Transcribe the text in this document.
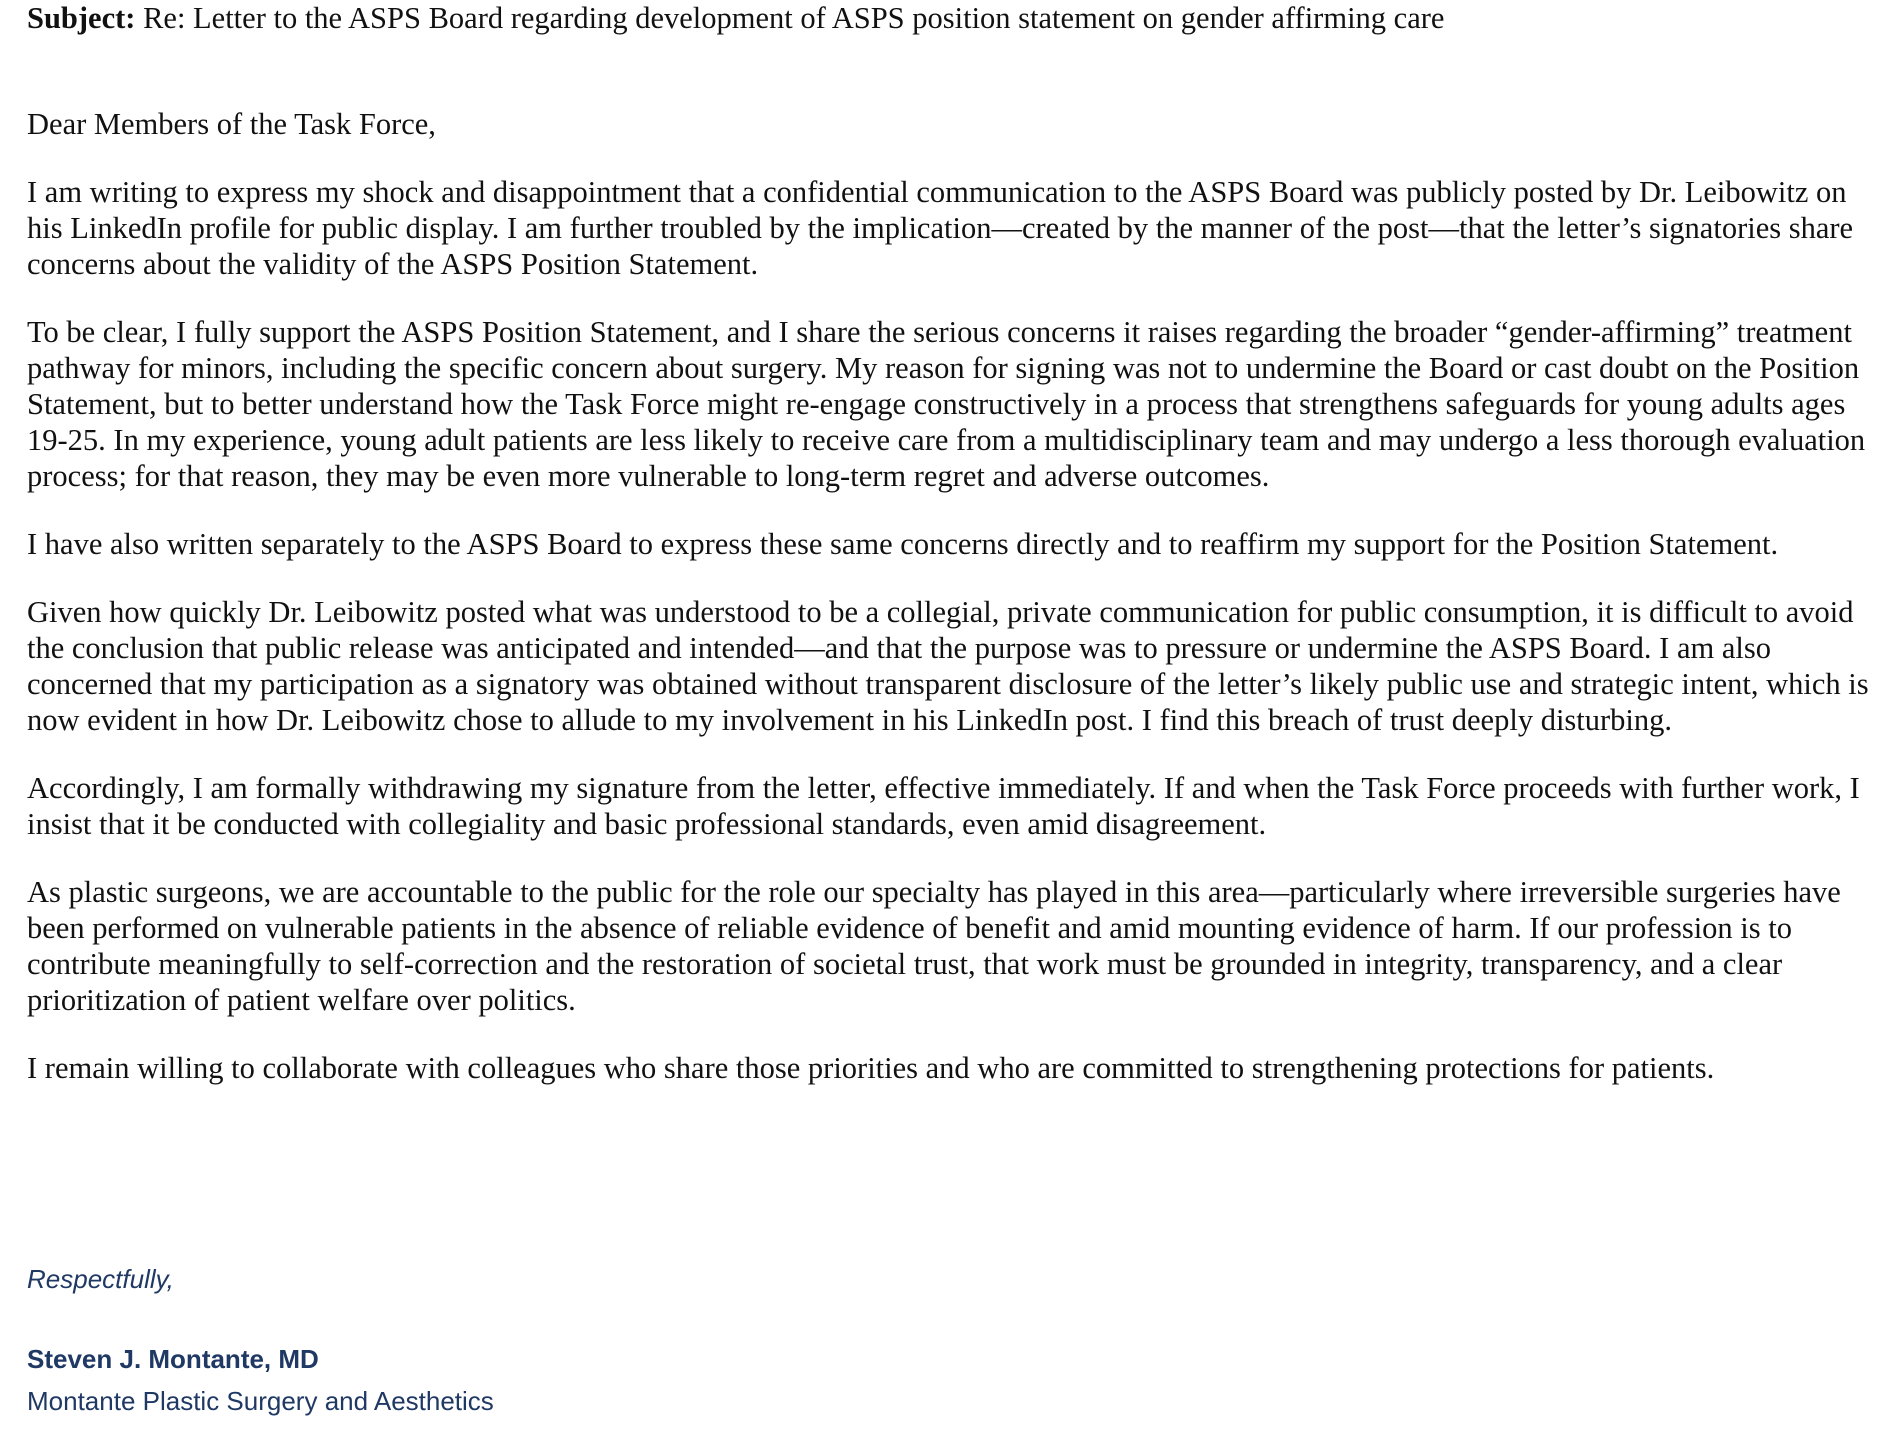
Subject: Re: Letter to the ASPS Board regarding development of ASPS position statement on gender affirming care

Dear Members of the Task Force,

I am writing to express my shock and disappointment that a confidential communication to the ASPS Board was publicly posted by Dr. Leibowitz on his LinkedIn profile for public display. I am further troubled by the implication—created by the manner of the post—that the letter’s signatories share concerns about the validity of the ASPS Position Statement.

To be clear, I fully support the ASPS Position Statement, and I share the serious concerns it raises regarding the broader “gender-affirming” treatment pathway for minors, including the specific concern about surgery. My reason for signing was not to undermine the Board or cast doubt on the Position Statement, but to better understand how the Task Force might re-engage constructively in a process that strengthens safeguards for young adults ages 19-25. In my experience, young adult patients are less likely to receive care from a multidisciplinary team and may undergo a less thorough evaluation process; for that reason, they may be even more vulnerable to long-term regret and adverse outcomes.

I have also written separately to the ASPS Board to express these same concerns directly and to reaffirm my support for the Position Statement.

Given how quickly Dr. Leibowitz posted what was understood to be a collegial, private communication for public consumption, it is difficult to avoid the conclusion that public release was anticipated and intended—and that the purpose was to pressure or undermine the ASPS Board. I am also concerned that my participation as a signatory was obtained without transparent disclosure of the letter’s likely public use and strategic intent, which is now evident in how Dr. Leibowitz chose to allude to my involvement in his LinkedIn post. I find this breach of trust deeply disturbing.

Accordingly, I am formally withdrawing my signature from the letter, effective immediately. If and when the Task Force proceeds with further work, I insist that it be conducted with collegiality and basic professional standards, even amid disagreement.

As plastic surgeons, we are accountable to the public for the role our specialty has played in this area—particularly where irreversible surgeries have been performed on vulnerable patients in the absence of reliable evidence of benefit and amid mounting evidence of harm. If our profession is to contribute meaningfully to self-correction and the restoration of societal trust, that work must be grounded in integrity, transparency, and a clear prioritization of patient welfare over politics.

I remain willing to collaborate with colleagues who share those priorities and who are committed to strengthening protections for patients.

Respectfully,

Steven J. Montante, MD

Montante Plastic Surgery and Aesthetics
